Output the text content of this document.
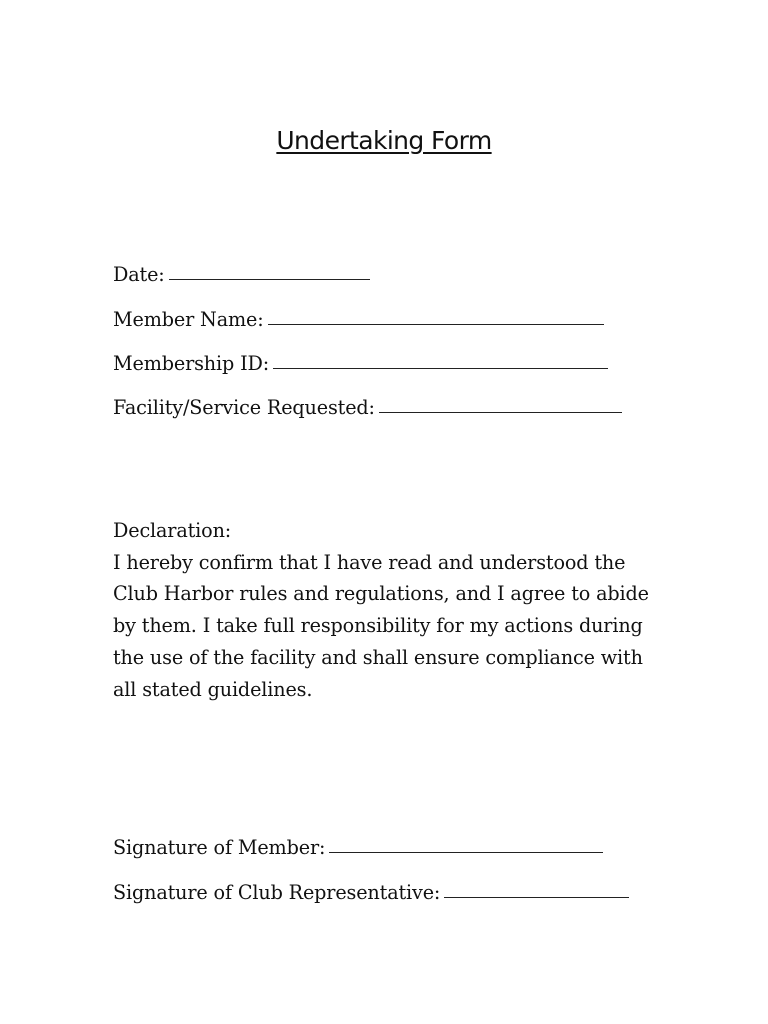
Undertaking Form
Date:
Member Name:
Membership ID:
Facility/Service Requested:
Declaration:
I hereby confirm that I have read and understood the
Club Harbor rules and regulations, and I agree to abide
by them. I take full responsibility for my actions during
the use of the facility and shall ensure compliance with
all stated guidelines.
Signature of Member:
Signature of Club Representative:
